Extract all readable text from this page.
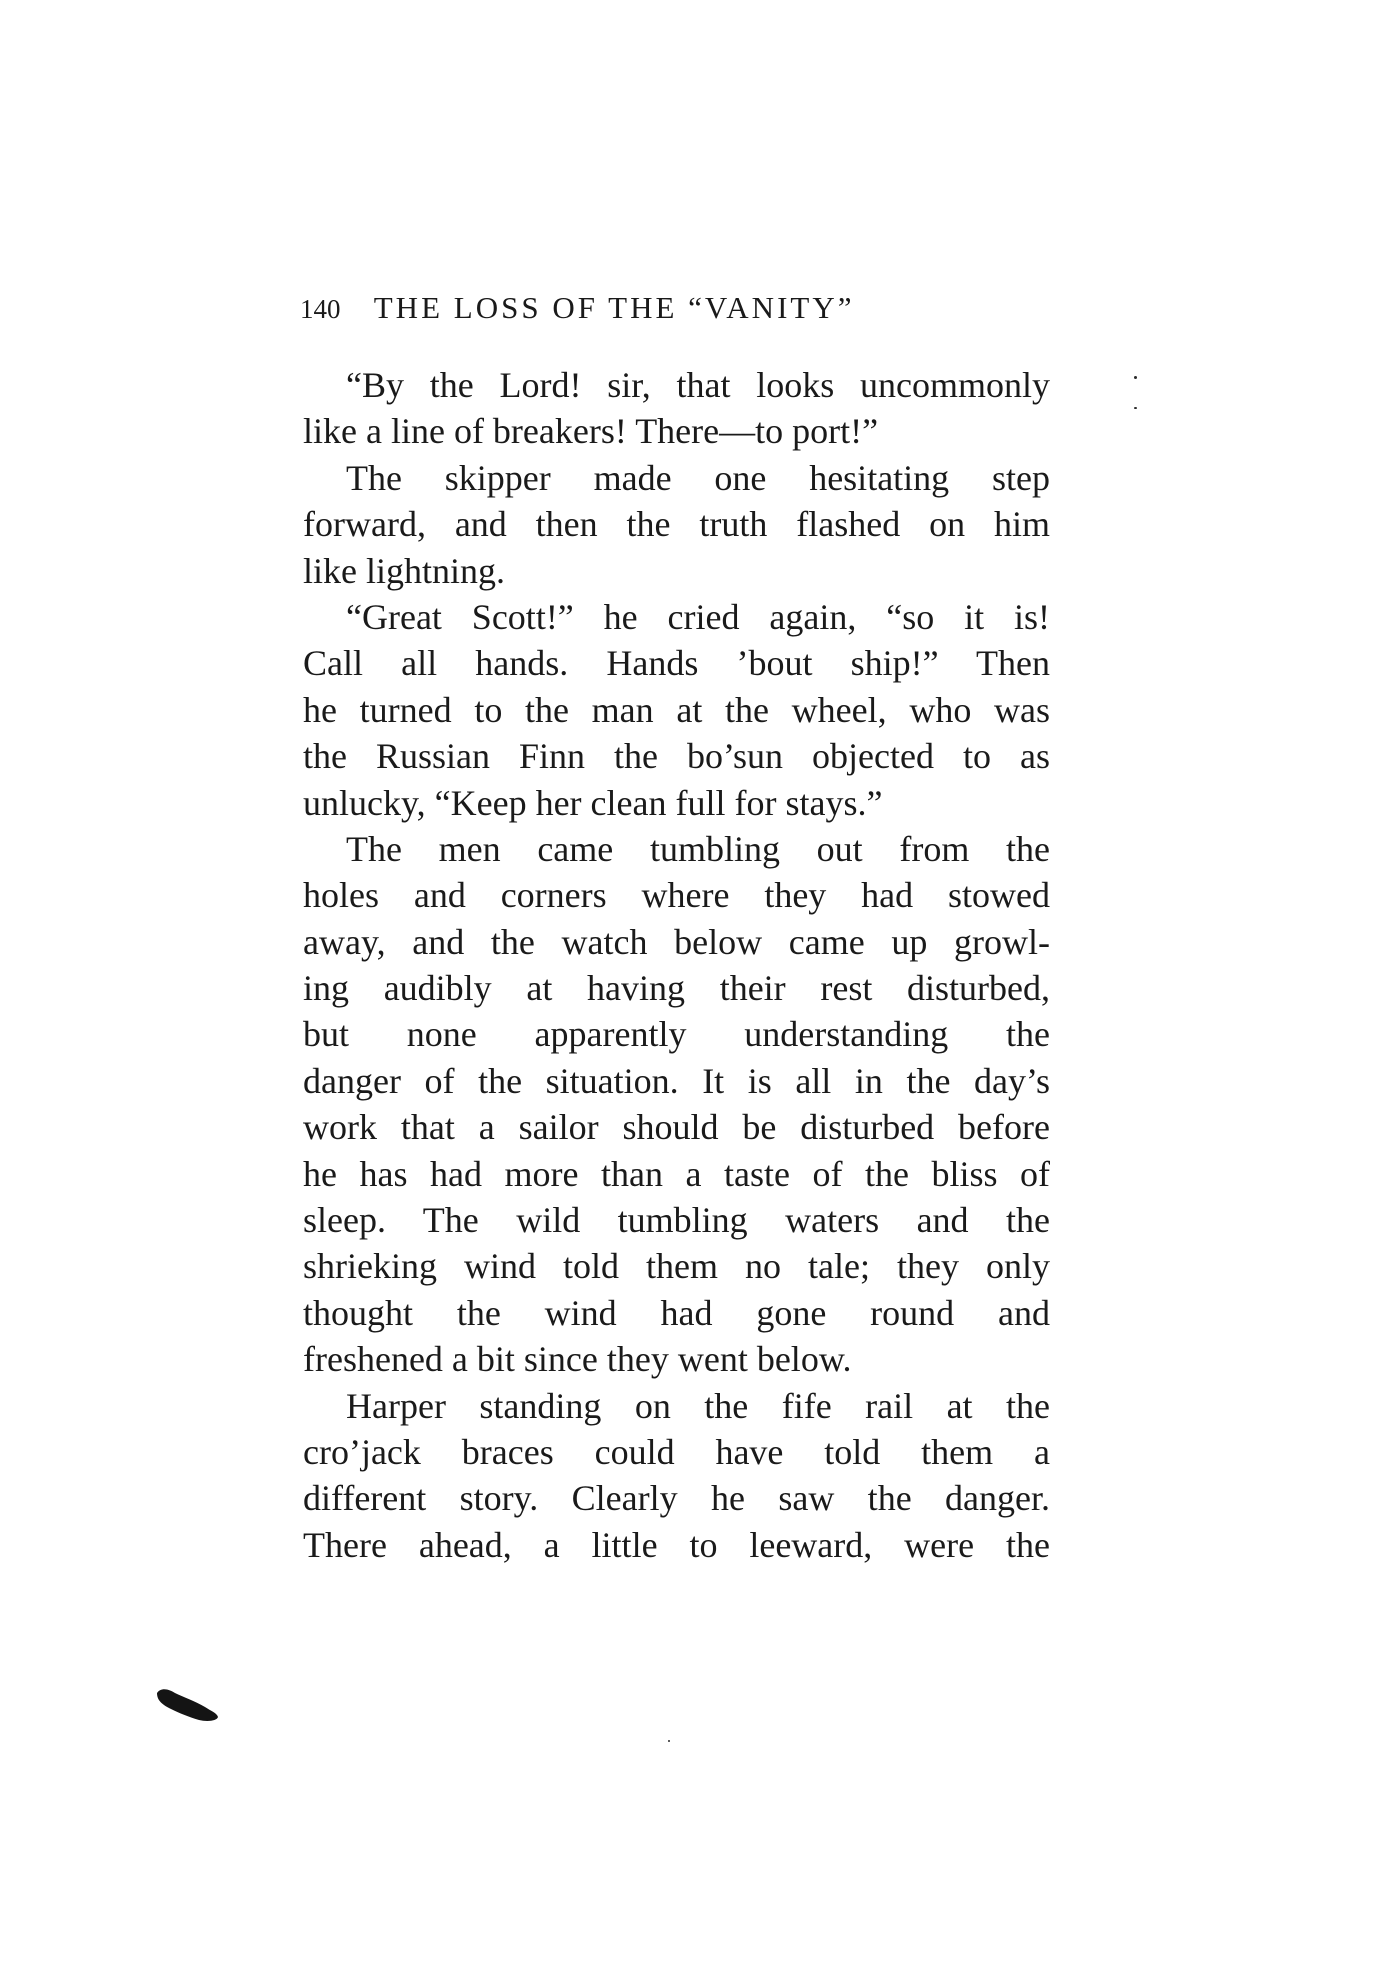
140 THE LOSS OF THE “VANITY”
“By the Lord! sir, that looks uncommonly
like a line of breakers! There—to port!”
The skipper made one hesitating step
forward, and then the truth flashed on him
like lightning.
“Great Scott!” he cried again, “so it is!
Call all hands. Hands ’bout ship!” Then
he turned to the man at the wheel, who was
the Russian Finn the bo’sun objected to as
unlucky, “Keep her clean full for stays.”
The men came tumbling out from the
holes and corners where they had stowed
away, and the watch below came up growl-
ing audibly at having their rest disturbed,
but none apparently understanding the
danger of the situation. It is all in the day’s
work that a sailor should be disturbed before
he has had more than a taste of the bliss of
sleep. The wild tumbling waters and the
shrieking wind told them no tale; they only
thought the wind had gone round and
freshened a bit since they went below.
Harper standing on the fife rail at the
cro’jack braces could have told them a
different story. Clearly he saw the danger.
There ahead, a little to leeward, were the
